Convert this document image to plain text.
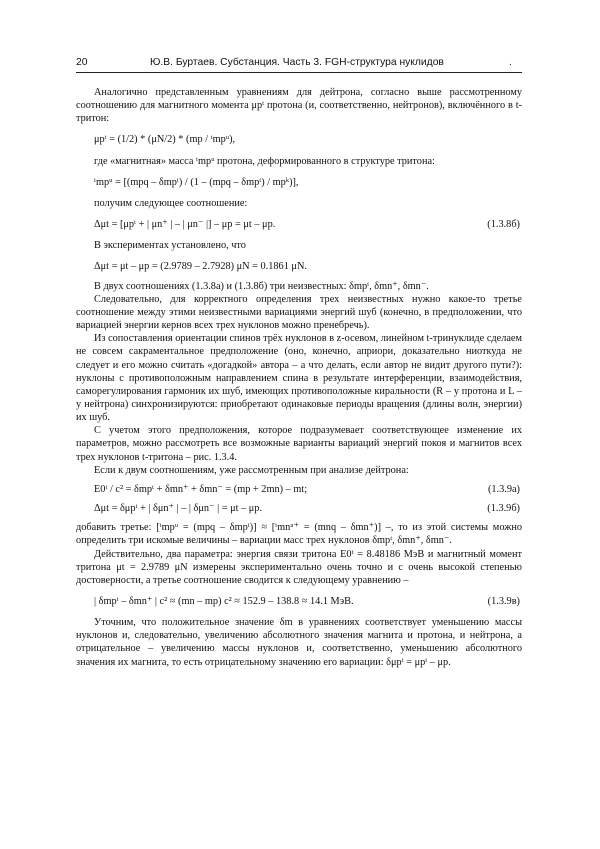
20	Ю.В. Буртаев. Субстанция. Часть 3. FGH-структура нуклидов	.

Аналогично представленным уравнениям для дейтрона, согласно выше рассмотренному соотношению для магнитного момента μpᵗ протона (и, соответственно, нейтронов), включённого в t-тритон:

μpᵗ = (1/2) * (μN/2) * (mp / ᵗmpᵘ),

где «магнитная» масса ᵗmpᵘ протона, деформированного в структуре тритона:

ᵗmpᵘ = [(mpq – δmpᵗ) / (1 – (mpq – δmpᵗ) / mpᵏ)],

получим следующее соотношение:

Δμt = [μpᵗ + | μn⁺ | – | μn⁻ |] – μp = μt – μp.	(1.3.8б)

В экспериментах установлено, что

Δμt = μt – μp = (2.9789 – 2.7928) μN = 0.1861 μN.

В двух соотношениях (1.3.8а) и (1.3.8б) три неизвестных: δmpᵗ, δmn⁺, δmn⁻.

Следовательно, для корректного определения трех неизвестных нужно какое-то третье соотношение между этими неизвестными вариациями энергий шуб (конечно, в предположении, что вариацией энергии кернов всех трех нуклонов можно пренебречь).

Из сопоставления ориентации спинов трёх нуклонов в z-осевом, линейном t-тринуклиде сделаем не совсем сакраментальное предположение (оно, конечно, априори, доказательно ниоткуда не следует и его можно считать «догадкой» автора – а что делать, если автор не видит другого пути?): нуклоны с противоположным направлением спина в результате интерференции, взаимодействия, саморегулирования гармоник их шуб, имеющих противоположные киральности (R – у протона и L – у нейтрона) синхронизируются: приобретают одинаковые периоды вращения (длины волн, энергии) их шуб.

С учетом этого предположения, которое подразумевает соответствующее изменение их параметров, можно рассмотреть все возможные варианты вариаций энергий покоя и магнитов всех трех нуклонов t-тритона – рис. 1.3.4.

Если к двум соотношениям, уже рассмотренным при анализе дейтрона:

E0ᵗ / c² = δmpᵗ + δmn⁺ + δmn⁻ = (mp + 2mn) – mt;	(1.3.9а)
Δμt = δμpᵗ + | δμn⁺ | – | δμn⁻ | = μt – μp.	(1.3.9б)

добавить третье: [ᵗmpᵘ = (mpq – δmpᵗ)] ≈ [ᵗmnᵘ⁺ = (mnq – δmn⁺)] –, то из этой системы можно определить три искомые величины – вариации масс трех нуклонов δmpᵗ, δmn⁺, δmn⁻.

Действительно, два параметра: энергия связи тритона E0ᵗ = 8.48186 МэВ и магнитный момент тритона μt = 2.9789 μN измерены экспериментально очень точно и с очень высокой степенью достоверности, а третье соотношение сводится к следующему уравнению –

| δmpᵗ – δmn⁺ | c² ≈ (mn – mp) c² ≈ 152.9 – 138.8 ≈ 14.1 МэВ.	(1.3.9в)

Уточним, что положительное значение δm в уравнениях соответствует уменьшению массы нуклонов и, следовательно, увеличению абсолютного значения магнита и протона, и нейтрона, а отрицательное – увеличению массы нуклонов и, соответственно, уменьшению абсолютного значения их магнита, то есть отрицательному значению его вариации: δμpᵗ = μpᵗ – μp.
